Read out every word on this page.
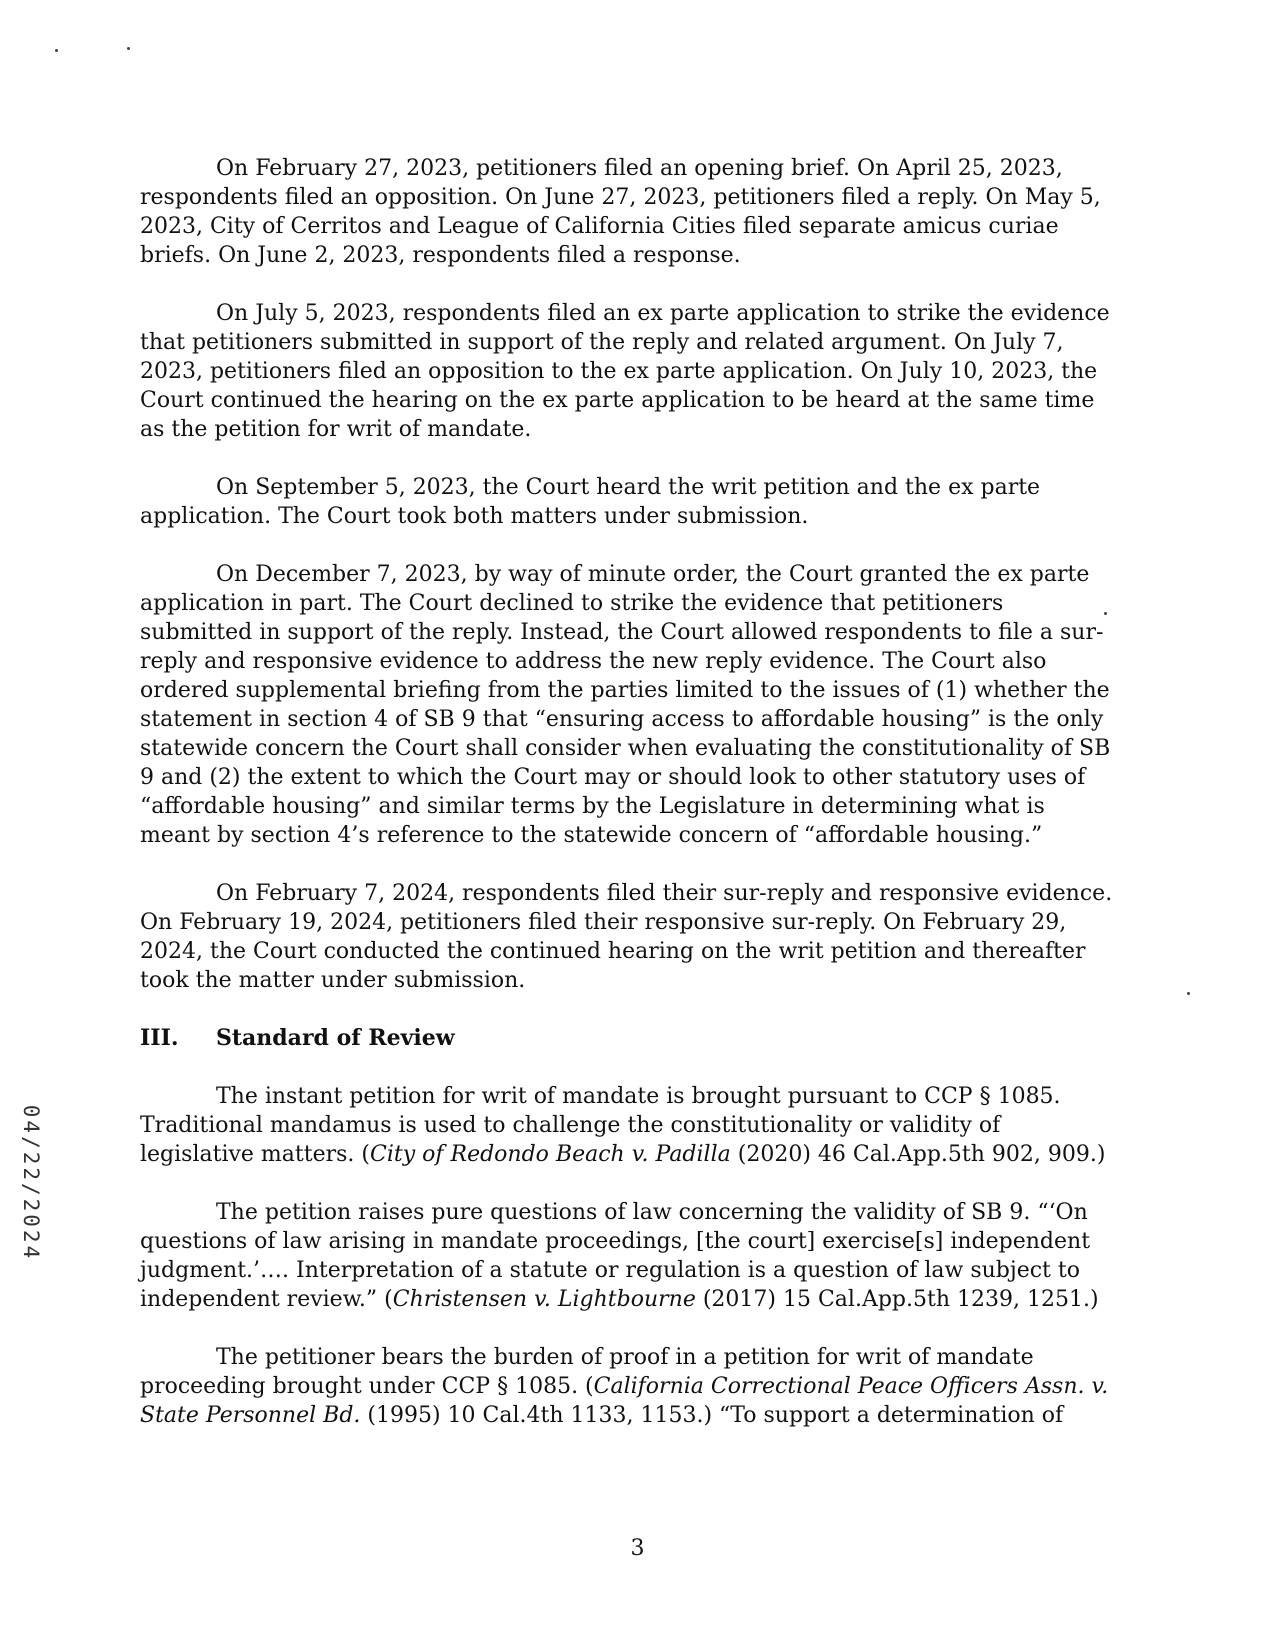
04/22/2024

On February 27, 2023, petitioners filed an opening brief. On April 25, 2023, respondents filed an opposition. On June 27, 2023, petitioners filed a reply. On May 5, 2023, City of Cerritos and League of California Cities filed separate amicus curiae briefs. On June 2, 2023, respondents filed a response.

On July 5, 2023, respondents filed an ex parte application to strike the evidence that petitioners submitted in support of the reply and related argument. On July 7, 2023, petitioners filed an opposition to the ex parte application. On July 10, 2023, the Court continued the hearing on the ex parte application to be heard at the same time as the petition for writ of mandate.

On September 5, 2023, the Court heard the writ petition and the ex parte application. The Court took both matters under submission.

On December 7, 2023, by way of minute order, the Court granted the ex parte application in part. The Court declined to strike the evidence that petitioners submitted in support of the reply. Instead, the Court allowed respondents to file a sur-reply and responsive evidence to address the new reply evidence. The Court also ordered supplemental briefing from the parties limited to the issues of (1) whether the statement in section 4 of SB 9 that “ensuring access to affordable housing” is the only statewide concern the Court shall consider when evaluating the constitutionality of SB 9 and (2) the extent to which the Court may or should look to other statutory uses of “affordable housing” and similar terms by the Legislature in determining what is meant by section 4’s reference to the statewide concern of “affordable housing.”

On February 7, 2024, respondents filed their sur-reply and responsive evidence. On February 19, 2024, petitioners filed their responsive sur-reply. On February 29, 2024, the Court conducted the continued hearing on the writ petition and thereafter took the matter under submission.

III.	Standard of Review

The instant petition for writ of mandate is brought pursuant to CCP § 1085. Traditional mandamus is used to challenge the constitutionality or validity of legislative matters. (City of Redondo Beach v. Padilla (2020) 46 Cal.App.5th 902, 909.)

The petition raises pure questions of law concerning the validity of SB 9. “‘On questions of law arising in mandate proceedings, [the court] exercise[s] independent judgment.’…. Interpretation of a statute or regulation is a question of law subject to independent review.” (Christensen v. Lightbourne (2017) 15 Cal.App.5th 1239, 1251.)

The petitioner bears the burden of proof in a petition for writ of mandate proceeding brought under CCP § 1085. (California Correctional Peace Officers Assn. v. State Personnel Bd. (1995) 10 Cal.4th 1133, 1153.) “To support a determination of

3
